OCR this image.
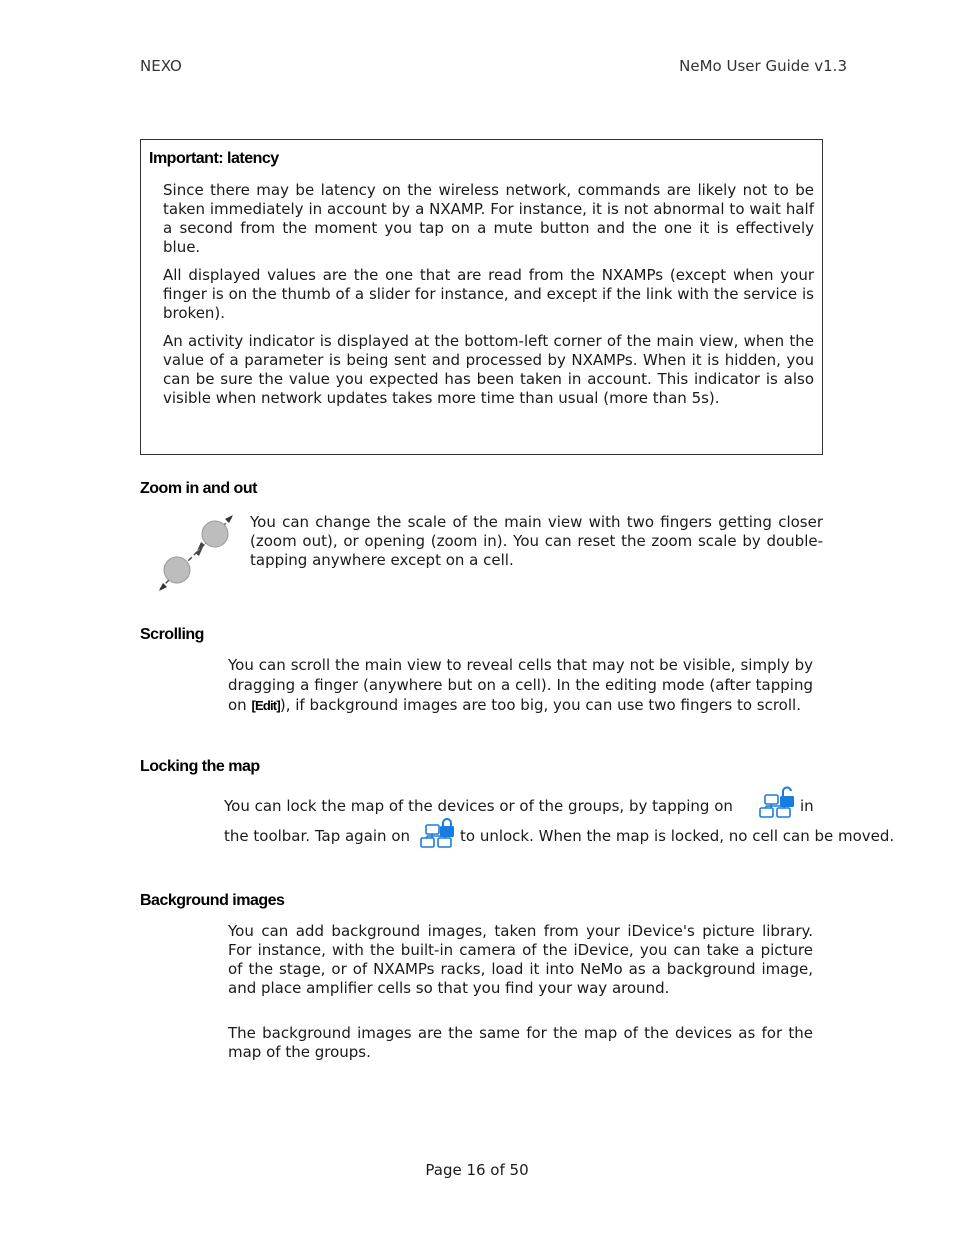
NEXO	NeMo User Guide v1.3
Important: latency

Since there may be latency on the wireless network, commands are likely not to be taken immediately in account by a NXAMP. For instance, it is not abnormal to wait half a second from the moment you tap on a mute button and the one it is effectively blue.

All displayed values are the one that are read from the NXAMPs (except when your finger is on the thumb of a slider for instance, and except if the link with the service is broken).

An activity indicator is displayed at the bottom-left corner of the main view, when the value of a parameter is being sent and processed by NXAMPs. When it is hidden, you can be sure the value you expected has been taken in account. This indicator is also visible when network updates takes more time than usual (more than 5s).

Zoom in and out

You can change the scale of the main view with two fingers getting closer (zoom out), or opening (zoom in). You can reset the zoom scale by double-tapping anywhere except on a cell.

Scrolling

You can scroll the main view to reveal cells that may not be visible, simply by dragging a finger (anywhere but on a cell). In the editing mode (after tapping on [Edit]), if background images are too big, you can use two fingers to scroll.

Locking the map
You can lock the map of the devices or of the groups, by tapping on	in
the toolbar. Tap again on	to unlock. When the map is locked, no cell can be moved.
Background images

You can add background images, taken from your iDevice's picture library. For instance, with the built-in camera of the iDevice, you can take a picture of the stage, or of NXAMPs racks, load it into NeMo as a background image, and place amplifier cells so that you find your way around.

The background images are the same for the map of the devices as for the map of the groups.

Page 16 of 50
